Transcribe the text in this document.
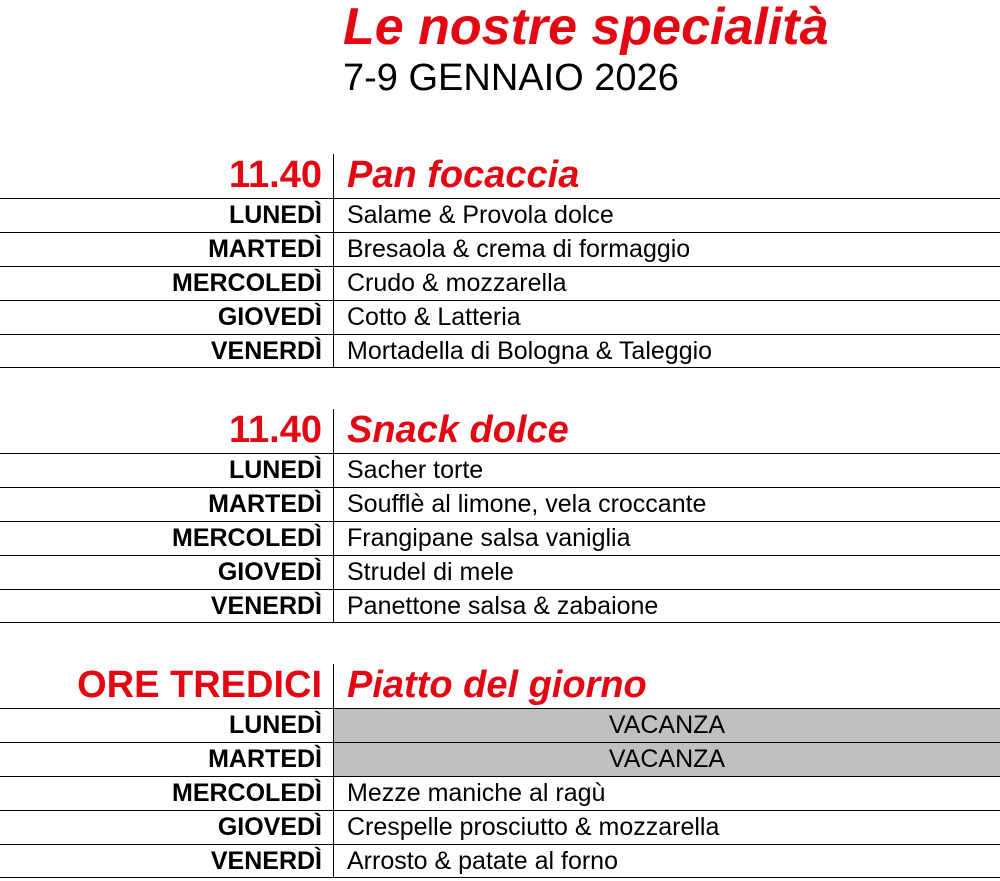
Le nostre specialità
7-9 GENNAIO 2026
11.40 Pan focaccia
LUNEDÌ Salame & Provola dolce
MARTEDÌ Bresaola & crema di formaggio
MERCOLEDÌ Crudo & mozzarella
GIOVEDÌ Cotto & Latteria
VENERDÌ Mortadella di Bologna & Taleggio
11.40 Snack dolce
LUNEDÌ Sacher torte
MARTEDÌ Soufflè al limone, vela croccante
MERCOLEDÌ Frangipane salsa vaniglia
GIOVEDÌ Strudel di mele
VENERDÌ Panettone salsa & zabaione
ORE TREDICI Piatto del giorno
LUNEDÌ	VACANZA
MARTEDÌ	VACANZA
MERCOLEDÌ Mezze maniche al ragù
GIOVEDÌ Crespelle prosciutto & mozzarella
VENERDÌ Arrosto & patate al forno
